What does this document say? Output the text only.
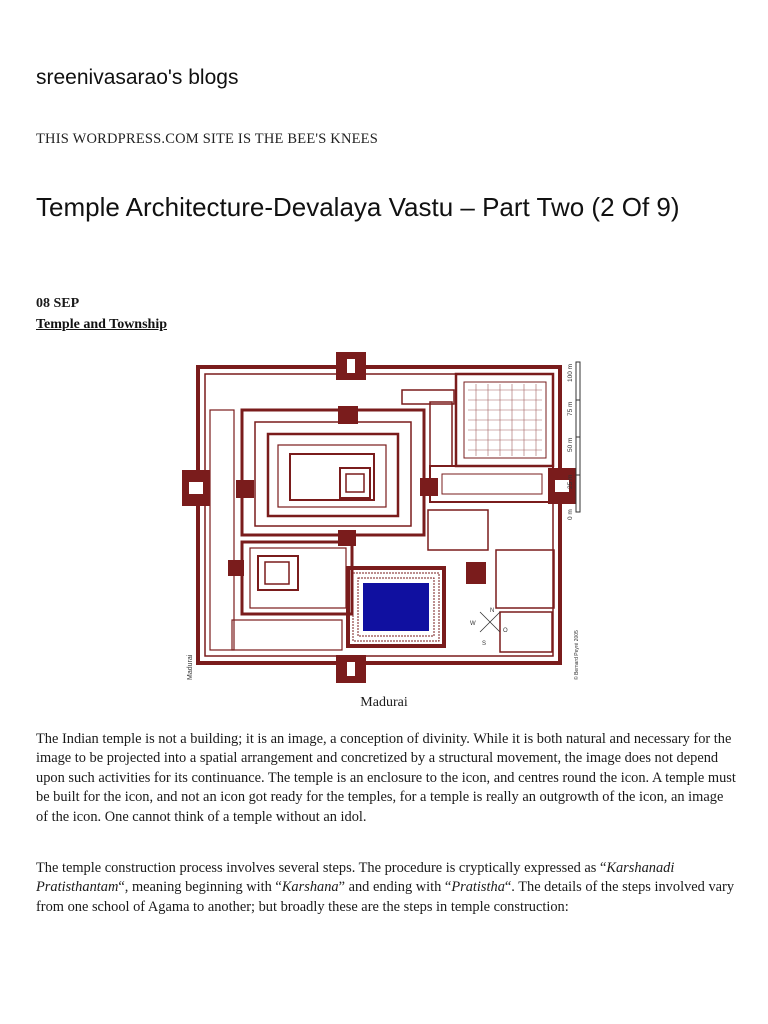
sreenivasarao's blogs
THIS WORDPRESS.COM SITE IS THE BEE'S KNEES
Temple Architecture-Devalaya Vastu – Part Two (2 Of 9)
08 SEP
Temple and Township
100 m
75 m
50 m
25 m
0 m
© Bernard Peyré 2005
Madurai
N
O
S
W
Madurai

The Indian temple is not a building; it is an image, a conception of divinity. While it is both natural and necessary for the image to be projected into a spatial arrangement and concretized by a structural movement, the image does not depend upon such activities for its continuance. The temple is an enclosure to the icon, and centres round the icon. A temple must be built for the icon, and not an icon got ready for the temples, for a temple is really an outgrowth of the icon, an image of the icon. One cannot think of a temple without an idol.

The temple construction process involves several steps. The procedure is cryptically expressed as “Karshanadi Pratisthantam“, meaning beginning with “Karshana” and ending with “Pratistha“. The details of the steps involved vary from one school of Agama to another; but broadly these are the steps in temple construction:
